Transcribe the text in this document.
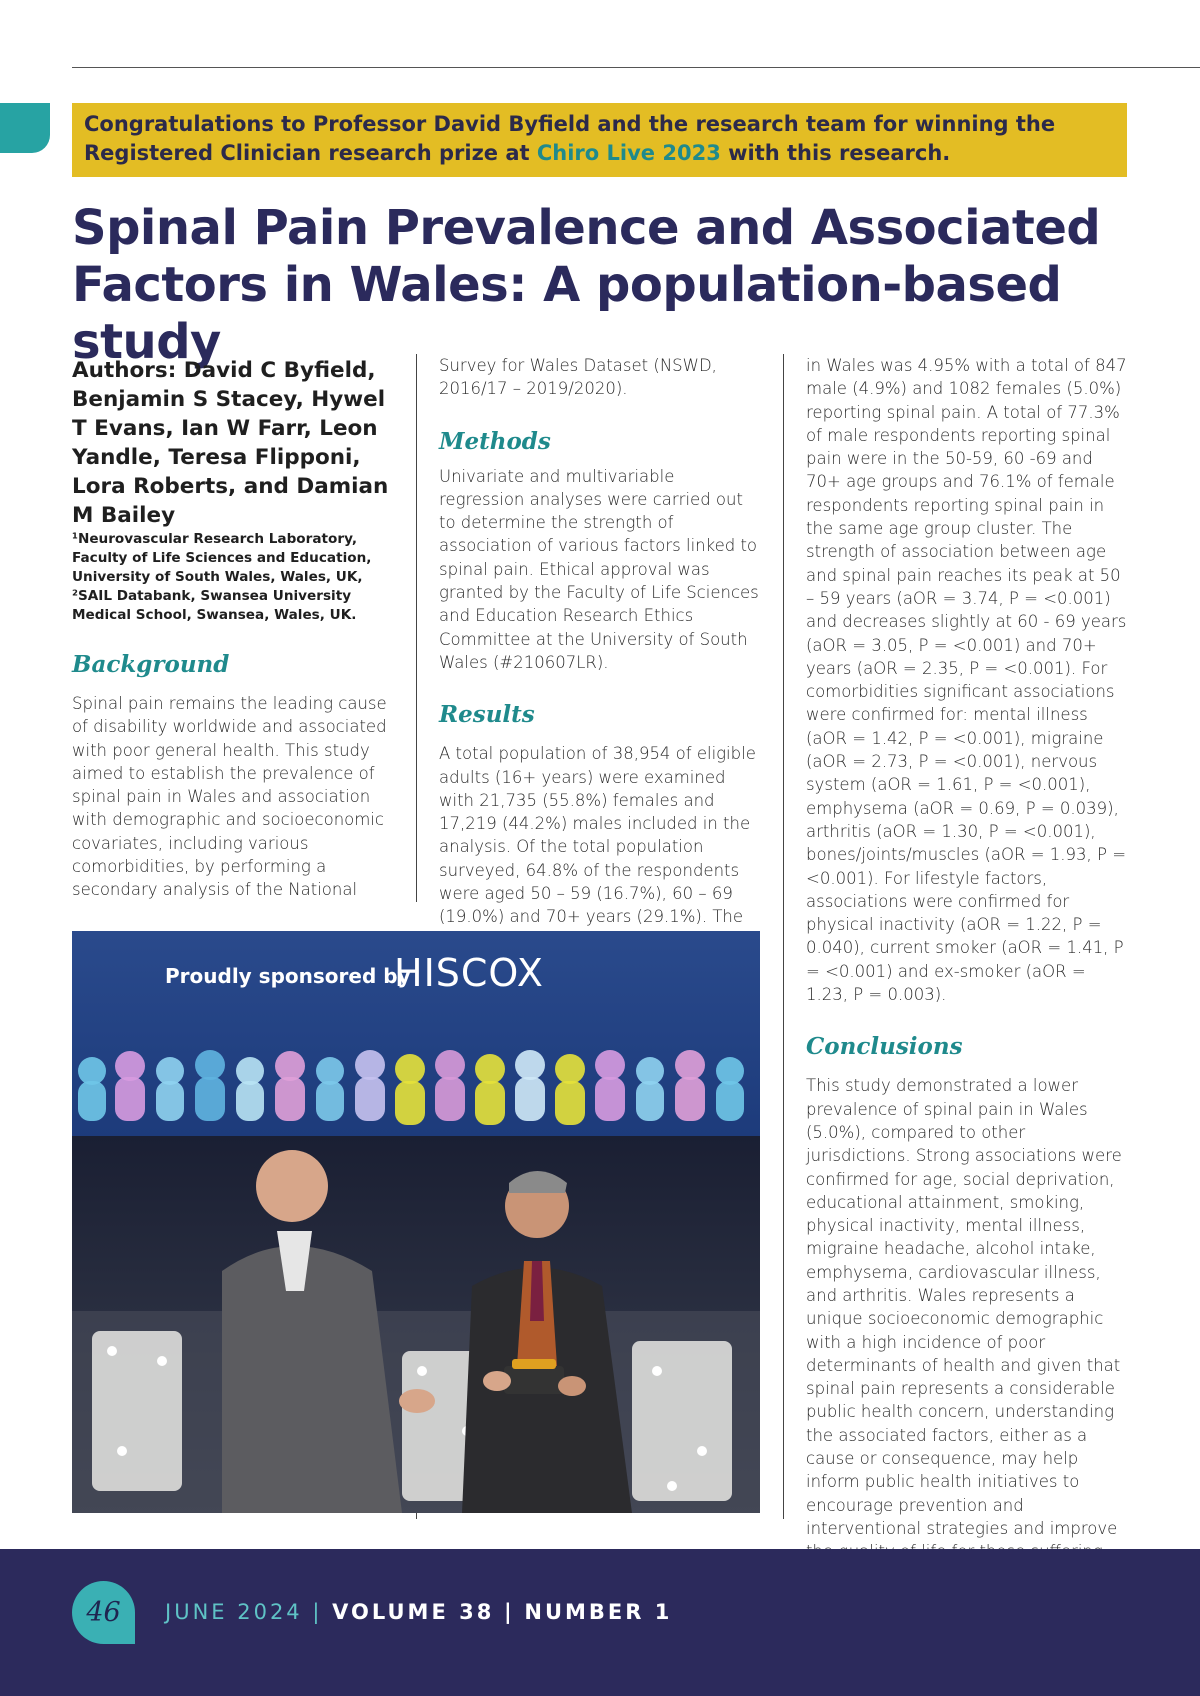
Congratulations to Professor David Byfield and the research team for winning the Registered Clinician research prize at Chiro Live 2023 with this research.
Spinal Pain Prevalence and Associated Factors in Wales: A population-based study

Authors: David C Byfield, Benjamin S Stacey, Hywel T Evans, Ian W Farr, Leon Yandle, Teresa Flipponi, Lora Roberts, and Damian M Bailey

¹Neurovascular Research Laboratory, Faculty of Life Sciences and Education, University of South Wales, Wales, UK, ²SAIL Databank, Swansea University Medical School, Swansea, Wales, UK.

Background

Spinal pain remains the leading cause of disability worldwide and associated with poor general health. This study aimed to establish the prevalence of spinal pain in Wales and association with demographic and socioeconomic covariates, including various comorbidities, by performing a secondary analysis of the National

Survey for Wales Dataset (NSWD, 2016/17 – 2019/2020).

Methods

Univariate and multivariable regression analyses were carried out to determine the strength of association of various factors linked to spinal pain. Ethical approval was granted by the Faculty of Life Sciences and Education Research Ethics Committee at the University of South Wales (#210607LR).

Results

A total population of 38,954 of eligible adults (16+ years) were examined with 21,735 (55.8%) females and 17,219 (44.2%) males included in the analysis. Of the total population surveyed, 64.8% of the respondents were aged 50 – 59 (16.7%), 60 – 69 (19.0%) and 70+ years (29.1%). The

in Wales was 4.95% with a total of 847 male (4.9%) and 1082 females (5.0%) reporting spinal pain. A total of 77.3% of male respondents reporting spinal pain were in the 50-59, 60 -69 and 70+ age groups and 76.1% of female respondents reporting spinal pain in the same age group cluster. The strength of association between age and spinal pain reaches its peak at 50 – 59 years (aOR = 3.74, P = <0.001) and decreases slightly at 60 - 69 years (aOR = 3.05, P = <0.001) and 70+ years (aOR = 2.35, P = <0.001). For comorbidities significant associations were confirmed for: mental illness (aOR = 1.42, P = <0.001), migraine (aOR = 2.73, P = <0.001), nervous system (aOR = 1.61, P = <0.001), emphysema (aOR = 0.69, P = 0.039), arthritis (aOR = 1.30, P = <0.001), bones/joints/muscles (aOR = 1.93, P = <0.001). For lifestyle factors, associations were confirmed for physical inactivity (aOR = 1.22, P = 0.040), current smoker (aOR = 1.41, P = <0.001) and ex-smoker (aOR = 1.23, P = 0.003).

Conclusions

This study demonstrated a lower prevalence of spinal pain in Wales (5.0%), compared to other jurisdictions. Strong associations were confirmed for age, social deprivation, educational attainment, smoking, physical inactivity, mental illness, migraine headache, alcohol intake, emphysema, cardiovascular illness, and arthritis. Wales represents a unique socioeconomic demographic with a high incidence of poor determinants of health and given that spinal pain represents a considerable public health concern, understanding the associated factors, either as a cause or consequence, may help inform public health initiatives to encourage prevention and interventional strategies and improve

Proudly sponsored by
HISCOX
46	JUNE 2024 | VOLUME 38 | NUMBER 1
